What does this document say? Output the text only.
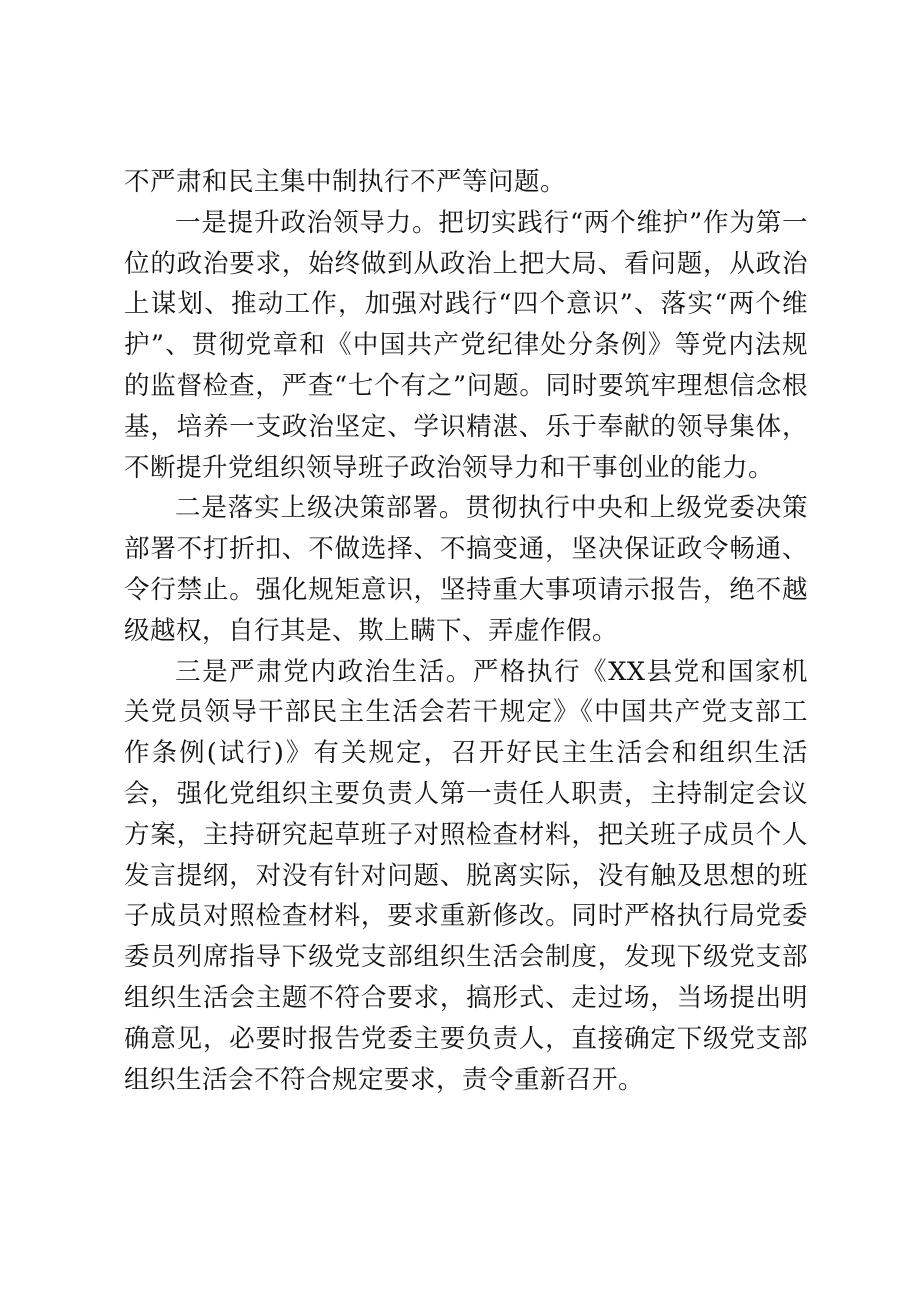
不严肃和民主集中制执行不严等问题。

一是提升政治领导力。把切实践行“两个维护”作为第一位的政治要求，始终做到从政治上把大局、看问题，从政治上谋划、推动工作，加强对践行“四个意识”、落实“两个维护”、贯彻党章和《中国共产党纪律处分条例》等党内法规的监督检查，严查“七个有之”问题。同时要筑牢理想信念根基，培养一支政治坚定、学识精湛、乐于奉献的领导集体，不断提升党组织领导班子政治领导力和干事创业的能力。

二是落实上级决策部署。贯彻执行中央和上级党委决策部署不打折扣、不做选择、不搞变通，坚决保证政令畅通、令行禁止。强化规矩意识，坚持重大事项请示报告，绝不越级越权，自行其是、欺上瞒下、弄虚作假。

三是严肃党内政治生活。严格执行《XX县党和国家机关党员领导干部民主生活会若干规定》《中国共产党支部工作条例(试行)》有关规定，召开好民主生活会和组织生活会，强化党组织主要负责人第一责任人职责，主持制定会议方案，主持研究起草班子对照检查材料，把关班子成员个人发言提纲，对没有针对问题、脱离实际，没有触及思想的班子成员对照检查材料，要求重新修改。同时严格执行局党委委员列席指导下级党支部组织生活会制度，发现下级党支部组织生活会主题不符合要求，搞形式、走过场，当场提出明确意见，必要时报告党委主要负责人，直接确定下级党支部组织生活会不符合规定要求，责令重新召开。
